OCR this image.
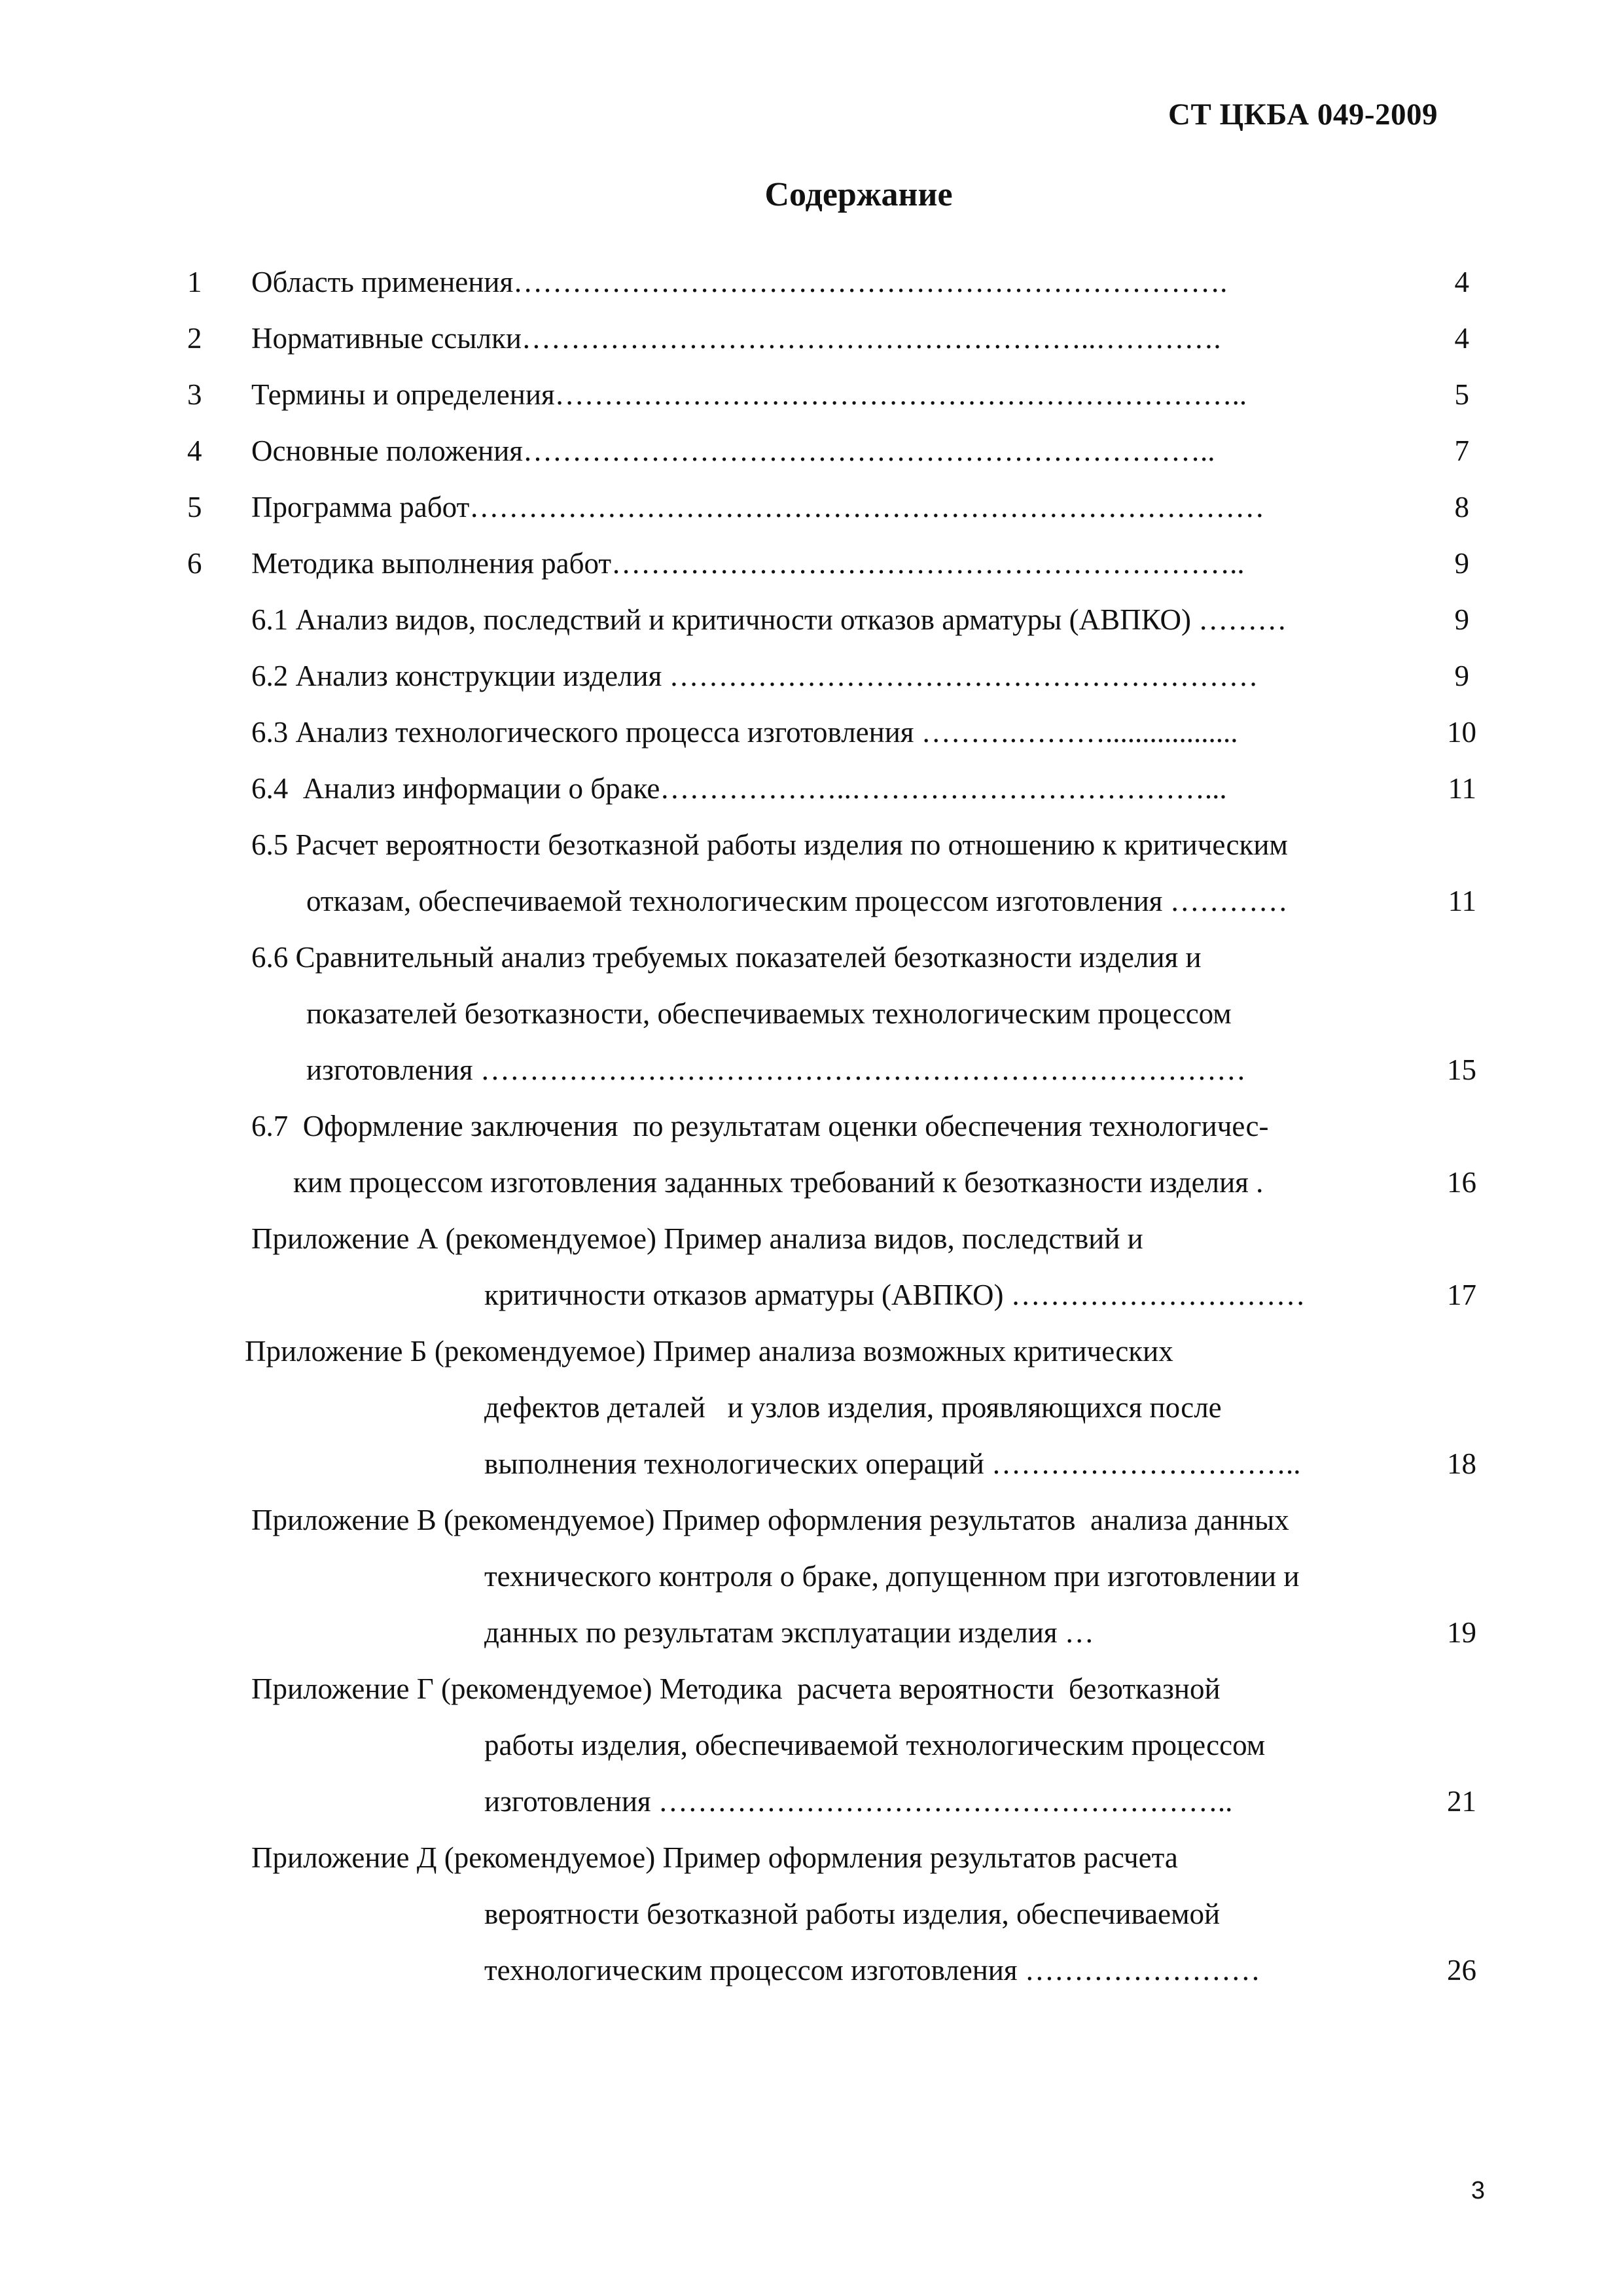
СТ ЦКБА 049-2009
Содержание
1	Область применения……………………………………………………………….	4
2	Нормативные ссылки…………………………………………………..………….	4
3	Термины и определения……………………………………………………………..	5
4	Основные положения……………………………………………………………..	7
5	Программа работ………………………………………………………………………	8
6	Методика выполнения работ………………………………………………………..	9
6.1 Анализ видов, последствий и критичности отказов арматуры (АВПКО) ………	9
6.2 Анализ конструкции изделия ……………………………………………………	9
6.3 Анализ технологического процесса изготовления ……….………..................	10
6.4  Анализ информации о браке………………..………………………………...	11
6.5 Расчет вероятности безотказной работы изделия по отношению к критическим
отказам, обеспечиваемой технологическим процессом изготовления …………	11
6.6 Сравнительный анализ требуемых показателей безотказности изделия и
показателей безотказности, обеспечиваемых технологическим процессом
изготовления ……………………………………………………………………	15
6.7  Оформление заключения  по результатам оценки обеспечения технологичес-
ким процессом изготовления заданных требований к безотказности изделия .	16
Приложение А (рекомендуемое) Пример анализа видов, последствий и
критичности отказов арматуры (АВПКО) …………………………	17
Приложение Б (рекомендуемое) Пример анализа возможных критических
дефектов деталей   и узлов изделия, проявляющихся после
выполнения технологических операций …………………………..	18
Приложение В (рекомендуемое) Пример оформления результатов  анализа данных
технического контроля о браке, допущенном при изготовлении и
данных по результатам эксплуатации изделия …	19
Приложение Г (рекомендуемое) Методика  расчета вероятности  безотказной
работы изделия, обеспечиваемой технологическим процессом
изготовления …………………………………………………..	21
Приложение Д (рекомендуемое) Пример оформления результатов расчета
вероятности безотказной работы изделия, обеспечиваемой
технологическим процессом изготовления ……………………	26
3
